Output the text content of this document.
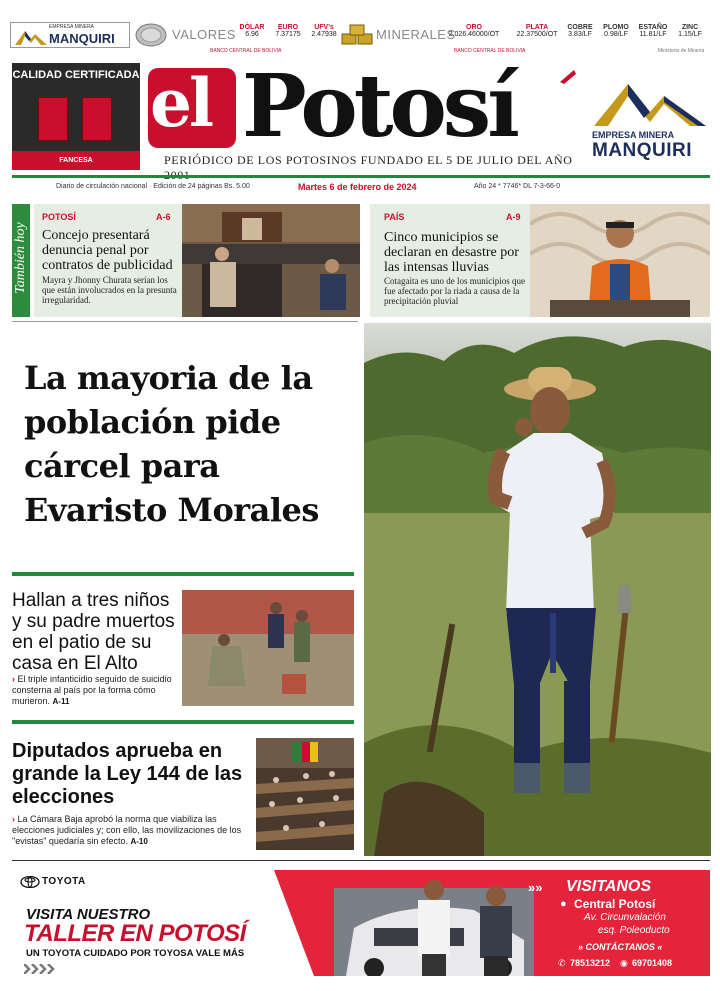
EMPRESA MINERA
MANQUIRI	VALORES DÓLAR
6.96
EURO
7.37175
UFV's
2.47938
BANCO CENTRAL DE BOLIVIA
MINERALES	ORO
2.026.46000/OT
PLATA
22.37500/OT
COBRE
3.83/LF
PLOMO
0.98/LF
ESTAÑO
11.81/LF
ZINC
1.15/LF
BANCO CENTRAL DE BOLIVIA	Ministerio de Minería
CALIDAD CERTIFICADA
FANCESA
el Potosí
PERIÓDICO DE LOS POTOSINOS FUNDADO EL 5 DE JULIO DEL AÑO
EMPRESA MINERA
MANQUIRI
Diario de circulación nacional · Edición de 24 páginas Bs. 5.00	Martes 6 de febrero de 2024	Año 24 * 7746* DL 7-3-66-0
También hoy
POTOSÍ	A-6
Concejo presentará denuncia penal por contratos de publicidad
Mayra y Jhonny Churata serían los que están involucrados en la presunta irregularidad.
PAÍS	A-9
Cinco municipios se declaran en desastre por las intensas lluvias
Cotagaita es uno de los municipios que fue afectado por la riada a causa de la precipitación pluvial
La mayoria de la población pide cárcel para Evaristo Morales
Hallan a tres niños y su padre muertos en el patio de su casa en El Alto
› El triple infanticidio seguido de suicidio consterna al país por la forma cómo murieron. A-11
Diputados aprueba en grande la Ley 144 de las elecciones
› La Cámara Baja aprobó la norma que viabiliza las elecciones judiciales y; con ello, las movilizaciones de los "evistas" quedaría sin efecto. A-10
TOYOTA
VISITA NUESTRO
TALLER EN POTOSÍ
UN TOYOTA CUIDADO POR TOYOSA VALE MÁS
»» VISITANOS
● Central Potosí
Av. Circunvalación
esq. Poleoducto
» CONTÁCTANOS «
✆ 78513212 ◉ 69701408
